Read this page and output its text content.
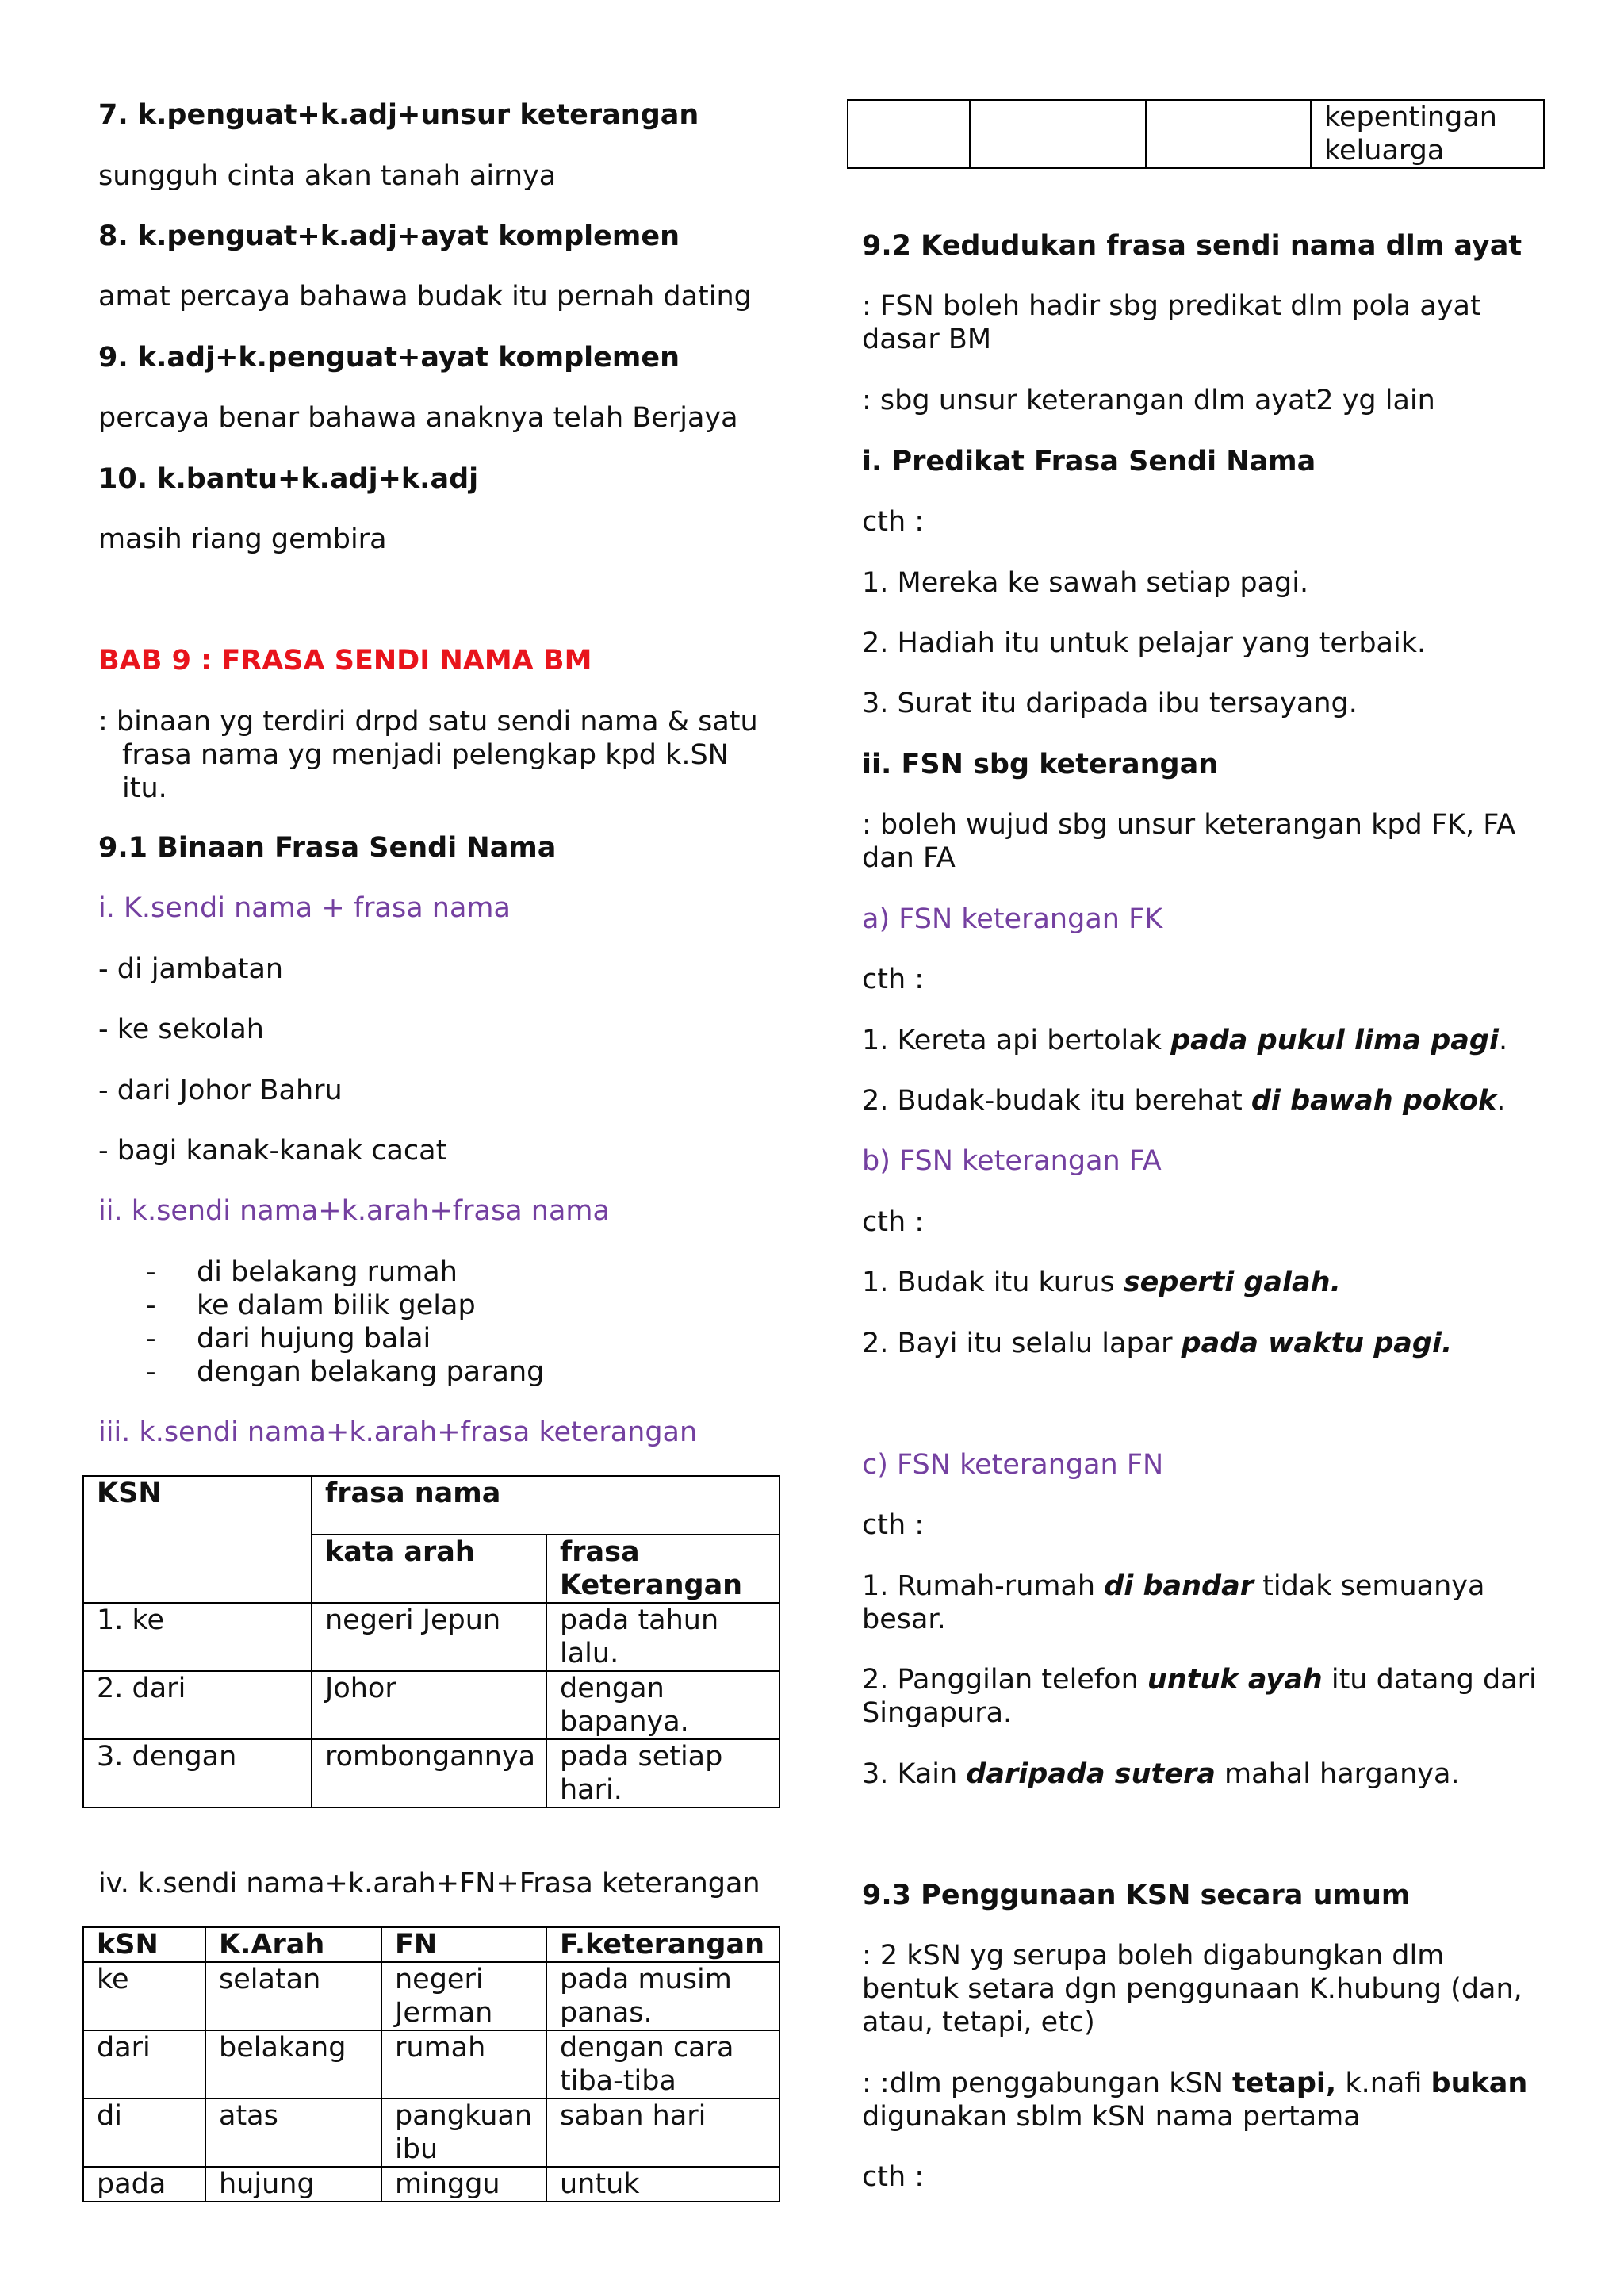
7. k.penguat+k.adj+unsur keterangan

sungguh cinta akan tanah airnya

8. k.penguat+k.adj+ayat komplemen

amat percaya bahawa budak itu pernah dating

9. k.adj+k.penguat+ayat komplemen

percaya benar bahawa anaknya telah Berjaya

10. k.bantu+k.adj+k.adj

masih riang gembira

BAB 9 : FRASA SENDI NAMA BM

: binaan yg terdiri drpd satu sendi nama & satu frasa nama yg menjadi pelengkap kpd k.SN itu.

9.1 Binaan Frasa Sendi Nama

i. K.sendi nama + frasa nama

- di jambatan

- ke sekolah

- dari Johor Bahru

- bagi kanak-kanak cacat

ii. k.sendi nama+k.arah+frasa nama

- di belakang rumah
- ke dalam bilik gelap
- dari hujung balai
- dengan belakang parang

iii. k.sendi nama+k.arah+frasa keterangan

KSN	frasa nama	
	kata arah	frasa Keterangan
1. ke	negeri Jepun	pada tahun lalu.
2. dari	Johor	dengan bapanya.
3. dengan	rombongannya	pada setiap hari.

iv. k.sendi nama+k.arah+FN+Frasa keterangan

kSN	K.Arah	FN	F.keterangan
ke	selatan	negeri Jerman	pada musim panas.
dari	belakang	rumah	dengan cara tiba-tiba
di	atas	pangkuan ibu	saban hari
pada	hujung	minggu	untuk
			kepentingan keluarga

9.2 Kedudukan frasa sendi nama dlm ayat

: FSN boleh hadir sbg predikat dlm pola ayat dasar BM

: sbg unsur keterangan dlm ayat2 yg lain

i. Predikat Frasa Sendi Nama

cth :

1. Mereka ke sawah setiap pagi.

2. Hadiah itu untuk pelajar yang terbaik.

3. Surat itu daripada ibu tersayang.

ii. FSN sbg keterangan

: boleh wujud sbg unsur keterangan kpd FK, FA dan FA

a) FSN keterangan FK

cth :

1. Kereta api bertolak pada pukul lima pagi.

2. Budak-budak itu berehat di bawah pokok.

b) FSN keterangan FA

cth :

1. Budak itu kurus seperti galah.

2. Bayi itu selalu lapar pada waktu pagi.

c) FSN keterangan FN

cth :

1. Rumah-rumah di bandar tidak semuanya besar.

2. Panggilan telefon untuk ayah itu datang dari Singapura.

3. Kain daripada sutera mahal harganya.

9.3 Penggunaan KSN secara umum

: 2 kSN yg serupa boleh digabungkan dlm bentuk setara dgn penggunaan K.hubung (dan, atau, tetapi, etc)

: :dlm penggabungan kSN tetapi, k.nafi bukan digunakan sblm kSN nama pertama

cth :
